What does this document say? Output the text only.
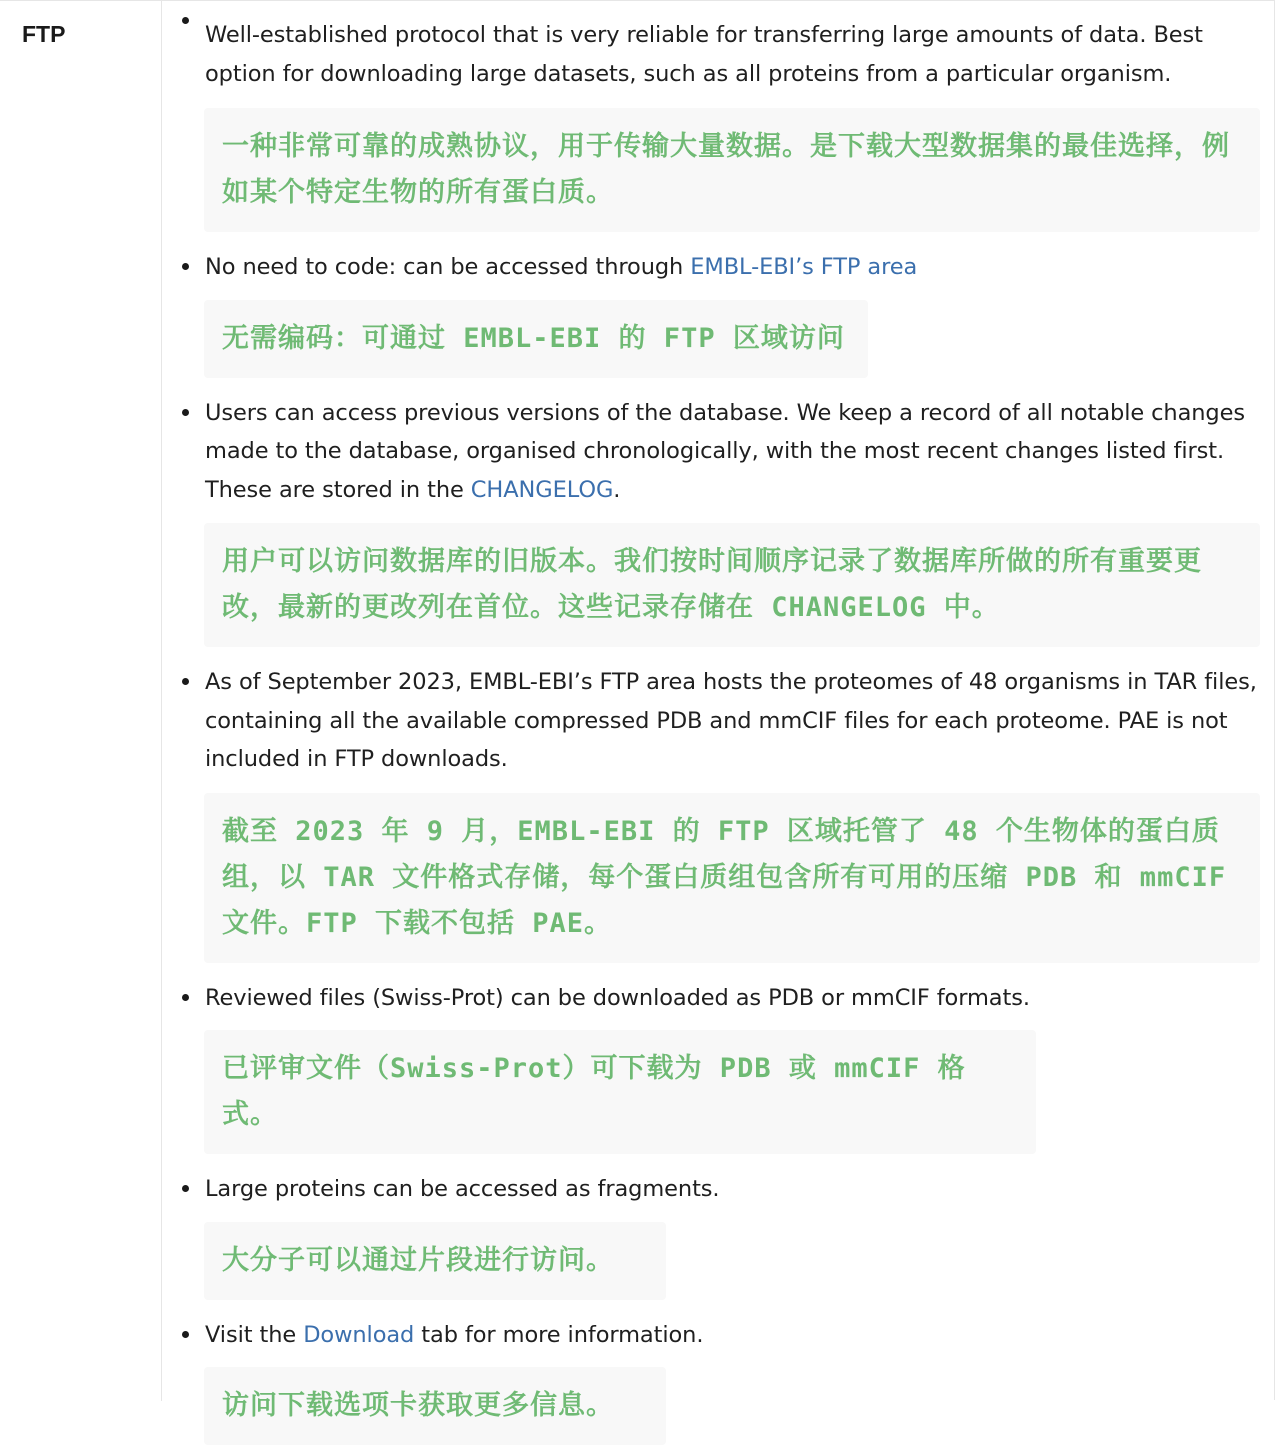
FTP	Well-established protocol that is very reliable for transferring large amounts of data. Best option for downloading large datasets, such as all proteins from a particular organism.
一种非常可靠的成熟协议，用于传输大量数据。是下载大型数据集的最佳选择，例如某个特定生物的所有蛋白质。
No need to code: can be accessed through EMBL-EBI’s FTP area
无需编码：可通过 EMBL-EBI 的 FTP 区域访问
Users can access previous versions of the database. We keep a record of all notable changes made to the database, organised chronologically, with the most recent changes listed first. These are stored in the CHANGELOG.
用户可以访问数据库的旧版本。我们按时间顺序记录了数据库所做的所有重要更改，最新的更改列在首位。这些记录存储在 CHANGELOG 中。
As of September 2023, EMBL-EBI’s FTP area hosts the proteomes of 48 organisms in TAR files, containing all the available compressed PDB and mmCIF files for each proteome. PAE is not included in FTP downloads.
截至 2023 年 9 月，EMBL-EBI 的 FTP 区域托管了 48 个生物体的蛋白质组，以 TAR 文件格式存储，每个蛋白质组包含所有可用的压缩 PDB 和 mmCIF 文件。FTP 下载不包括 PAE。
Reviewed files (Swiss-Prot) can be downloaded as PDB or mmCIF formats.
已评审文件（Swiss-Prot）可下载为 PDB 或 mmCIF 格式。
Large proteins can be accessed as fragments.
大分子可以通过片段进行访问。
Visit the Download tab for more information.
访问下载选项卡获取更多信息。
